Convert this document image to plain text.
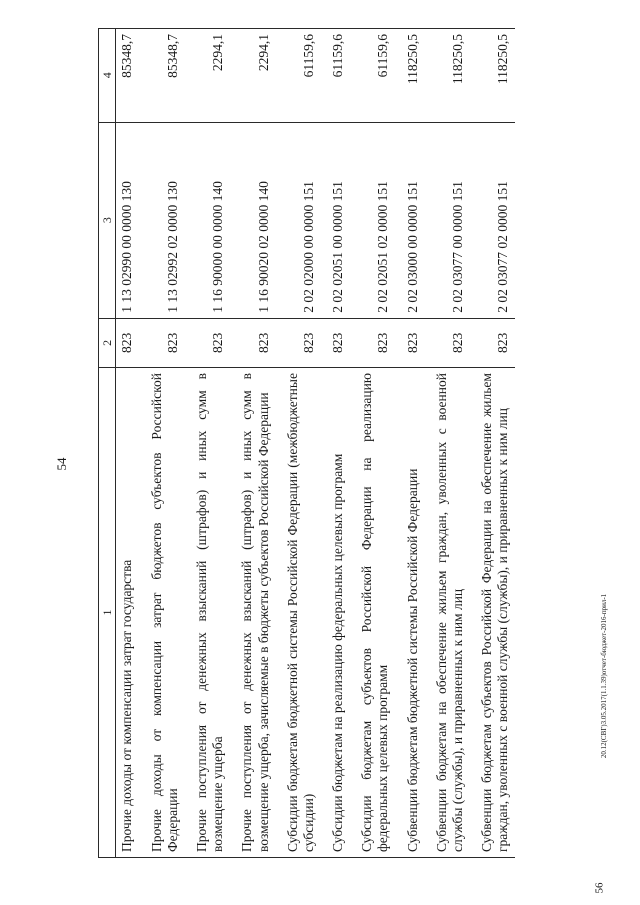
54
1	2	3	4
Прочие доходы от компенсации затрат государства	823	1 13 02990 00 0000 130	85348,7
Прочие доходы от компенсации затрат бюджетов субъектов Российской Федерации	823	1 13 02992 02 0000 130	85348,7
Прочие поступления от денежных взысканий (штрафов) и иных сумм в возмещение ущерба	823	1 16 90000 00 0000 140	2294,1
Прочие поступления от денежных взысканий (штрафов) и иных сумм в возмещение ущерба, зачисляемые в бюджеты субъектов Российской Федерации	823	1 16 90020 02 0000 140	2294,1
Субсидии бюджетам бюджетной системы Российской Федерации (межбюджетные субсидии)	823	2 02 02000 00 0000 151	61159,6
Субсидии бюджетам на реализацию федеральных целевых программ	823	2 02 02051 00 0000 151	61159,6
Субсидии бюджетам субъектов Российской Федерации на реализацию федеральных целевых программ	823	2 02 02051 02 0000 151	61159,6
Субвенции бюджетам бюджетной системы Российской Федерации	823	2 02 03000 00 0000 151	118250,5
Субвенции бюджетам на обеспечение жильем граждан, уволенных с военной службы (службы), и приравненных к ним лиц	823	2 02 03077 00 0000 151	118250,5
Субвенции бюджетам субъектов Российской Федерации на обеспечение жильем граждан, уволенных с военной службы (службы), и приравненных к ним лиц	823	2 02 03077 02 0000 151	118250,5
20.12(СВГ)3.05.2017(1.1.39)отчет-бюджет-2016-прил-1
56
